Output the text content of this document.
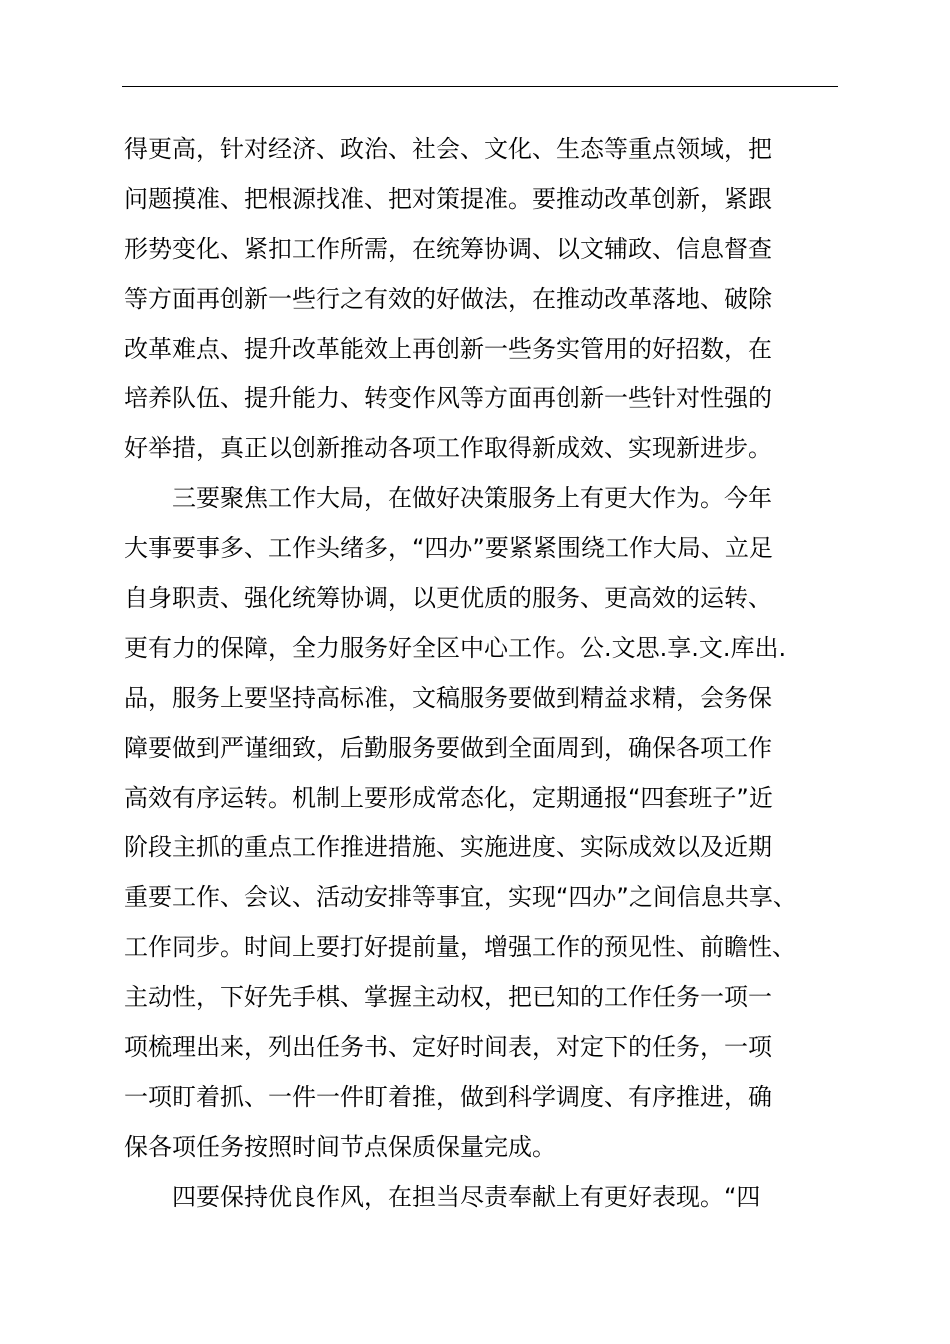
得更高，针对经济、政治、社会、文化、生态等重点领域，把
问题摸准、把根源找准、把对策提准。要推动改革创新，紧跟
形势变化、紧扣工作所需，在统筹协调、以文辅政、信息督查
等方面再创新一些行之有效的好做法，在推动改革落地、破除
改革难点、提升改革能效上再创新一些务实管用的好招数，在
培养队伍、提升能力、转变作风等方面再创新一些针对性强的
好举措，真正以创新推动各项工作取得新成效、实现新进步。
　　三要聚焦工作大局，在做好决策服务上有更大作为。今年
大事要事多、工作头绪多，“四办”要紧紧围绕工作大局、立足
自身职责、强化统筹协调，以更优质的服务、更高效的运转、
更有力的保障，全力服务好全区中心工作。公.文思.享.文.库出.
品，服务上要坚持高标准，文稿服务要做到精益求精，会务保
障要做到严谨细致，后勤服务要做到全面周到，确保各项工作
高效有序运转。机制上要形成常态化，定期通报“四套班子”近
阶段主抓的重点工作推进措施、实施进度、实际成效以及近期
重要工作、会议、活动安排等事宜，实现“四办”之间信息共享、
工作同步。时间上要打好提前量，增强工作的预见性、前瞻性、
主动性，下好先手棋、掌握主动权，把已知的工作任务一项一
项梳理出来，列出任务书、定好时间表，对定下的任务，一项
一项盯着抓、一件一件盯着推，做到科学调度、有序推进，确
保各项任务按照时间节点保质保量完成。
　　四要保持优良作风，在担当尽责奉献上有更好表现。“四
